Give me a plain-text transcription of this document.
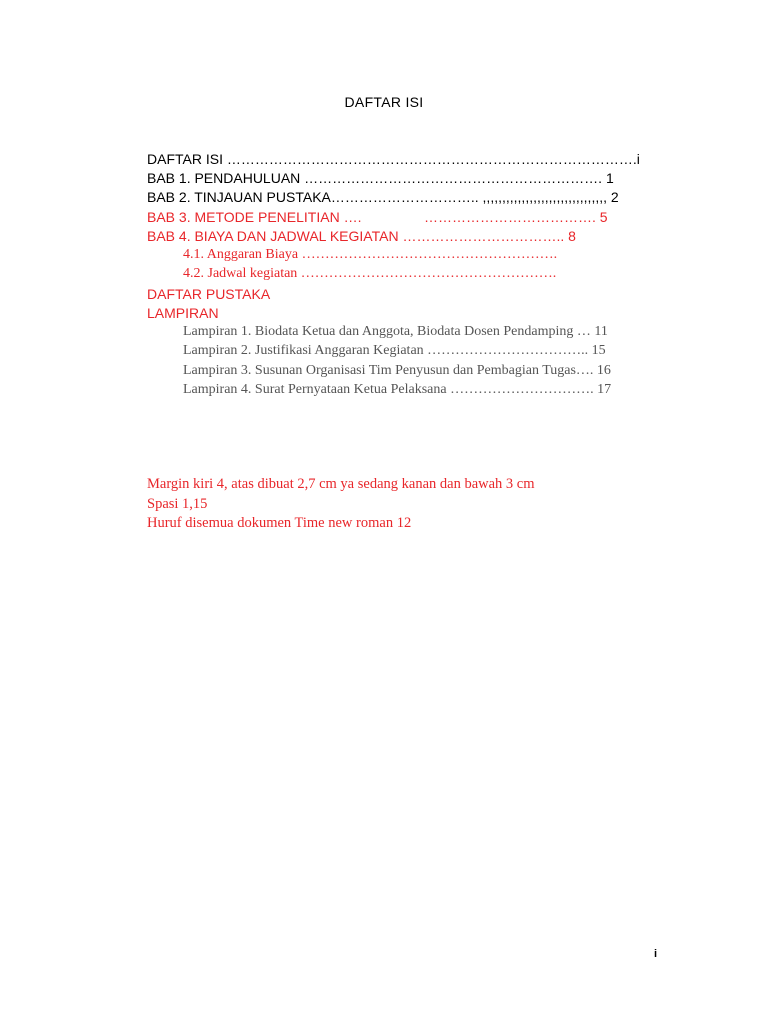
DAFTAR ISI
DAFTAR ISI …………………………………………………………………………….i
BAB 1. PENDAHULUAN ………………………………………………………. 1
BAB 2. TINJAUAN PUSTAKA………………………….. ,,,,,,,,,,,,,,,,,,,,,,,,,,,,,,,, 2
BAB 3. METODE PENELITIAN ….	………………………………. 5
BAB 4. BIAYA DAN JADWAL KEGIATAN …………………………….. 8
4.1. Anggaran Biaya ……………………………………………….
4.2. Jadwal kegiatan ……………………………………………….
DAFTAR PUSTAKA
LAMPIRAN
Lampiran 1. Biodata Ketua dan Anggota, Biodata Dosen Pendamping … 11
Lampiran 2. Justifikasi Anggaran Kegiatan …………………………….. 15
Lampiran 3. Susunan Organisasi Tim Penyusun dan Pembagian Tugas…. 16
Lampiran 4. Surat Pernyataan Ketua Pelaksana …………………………. 17
Margin kiri 4, atas dibuat 2,7 cm ya sedang kanan dan bawah 3 cm
Spasi 1,15
Huruf disemua dokumen Time new roman 12
i
